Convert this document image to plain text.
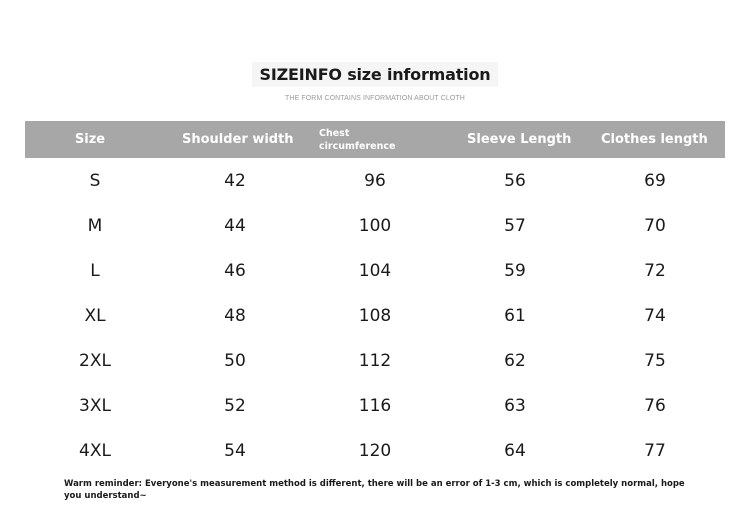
SIZEINFO size information
THE FORM CONTAINS INFORMATION ABOUT CLOTH
Size	Shoulder width	Chest circumference	Sleeve Length	Clothes length
S	42	96	56	69
M	44	100	57	70
L	46	104	59	72
XL	48	108	61	74
2XL	50	112	62	75
3XL	52	116	63	76
4XL	54	120	64	77
Warm reminder: Everyone's measurement method is different, there will be an error of 1-3 cm, which is completely normal, hope you understand~
